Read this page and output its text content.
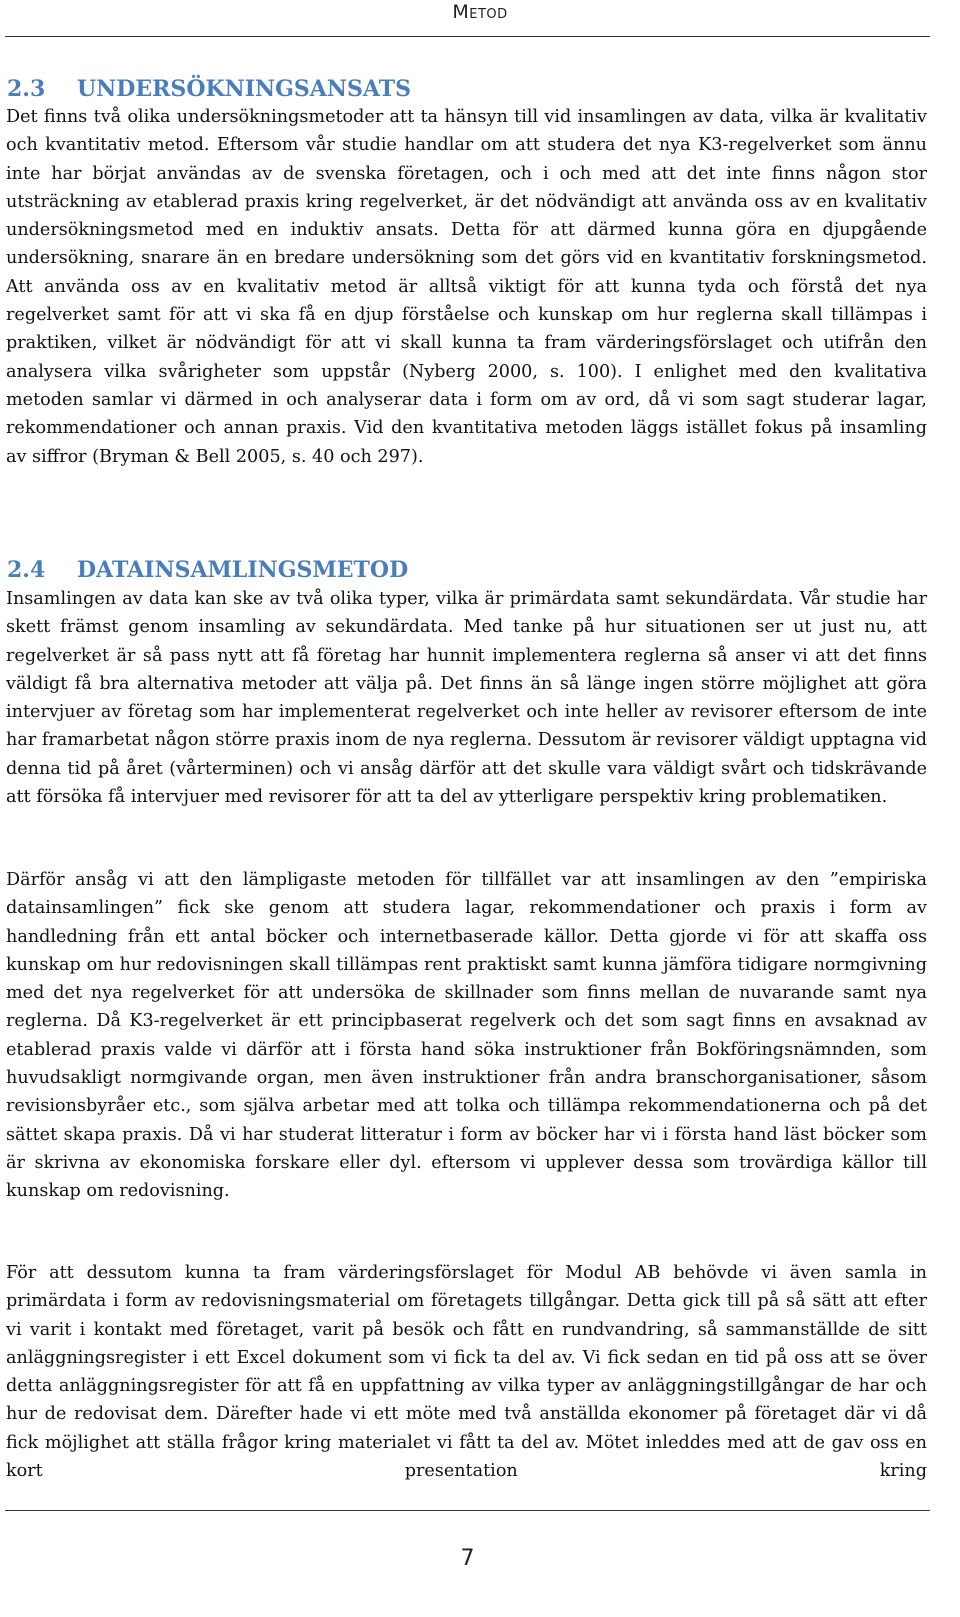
Metod
2.3 UNDERSÖKNINGSANSATS

Det finns två olika undersökningsmetoder att ta hänsyn till vid insamlingen av data, vilka är kvalitativ och kvantitativ metod. Eftersom vår studie handlar om att studera det nya K3-regelverket som ännu inte har börjat användas av de svenska företagen, och i och med att det inte finns någon stor utsträckning av etablerad praxis kring regelverket, är det nödvändigt att använda oss av en kvalitativ undersökningsmetod med en induktiv ansats. Detta för att därmed kunna göra en djupgående undersökning, snarare än en bredare undersökning som det görs vid en kvantitativ forskningsmetod. Att använda oss av en kvalitativ metod är alltså viktigt för att kunna tyda och förstå det nya regelverket samt för att vi ska få en djup förståelse och kunskap om hur reglerna skall tillämpas i praktiken, vilket är nödvändigt för att vi skall kunna ta fram värderingsförslaget och utifrån den analysera vilka svårigheter som uppstår (Nyberg 2000, s. 100). I enlighet med den kvalitativa metoden samlar vi därmed in och analyserar data i form om av ord, då vi som sagt studerar lagar, rekommendationer och annan praxis. Vid den kvantitativa metoden läggs istället fokus på insamling av siffror (Bryman & Bell 2005, s. 40 och 297).

2.4 DATAINSAMLINGSMETOD

Insamlingen av data kan ske av två olika typer, vilka är primärdata samt sekundärdata. Vår studie har skett främst genom insamling av sekundärdata. Med tanke på hur situationen ser ut just nu, att regelverket är så pass nytt att få företag har hunnit implementera reglerna så anser vi att det finns väldigt få bra alternativa metoder att välja på. Det finns än så länge ingen större möjlighet att göra intervjuer av företag som har implementerat regelverket och inte heller av revisorer eftersom de inte har framarbetat någon större praxis inom de nya reglerna. Dessutom är revisorer väldigt upptagna vid denna tid på året (vårterminen) och vi ansåg därför att det skulle vara väldigt svårt och tidskrävande att försöka få intervjuer med revisorer för att ta del av ytterligare perspektiv kring problematiken.

Därför ansåg vi att den lämpligaste metoden för tillfället var att insamlingen av den ”empiriska datainsamlingen” fick ske genom att studera lagar, rekommendationer och praxis i form av handledning från ett antal böcker och internetbaserade källor. Detta gjorde vi för att skaffa oss kunskap om hur redovisningen skall tillämpas rent praktiskt samt kunna jämföra tidigare normgivning med det nya regelverket för att undersöka de skillnader som finns mellan de nuvarande samt nya reglerna. Då K3-regelverket är ett principbaserat regelverk och det som sagt finns en avsaknad av etablerad praxis valde vi därför att i första hand söka instruktioner från Bokföringsnämnden, som huvudsakligt normgivande organ, men även instruktioner från andra branschorganisationer, såsom revisionsbyråer etc., som själva arbetar med att tolka och tillämpa rekommendationerna och på det sättet skapa praxis. Då vi har studerat litteratur i form av böcker har vi i första hand läst böcker som är skrivna av ekonomiska forskare eller dyl. eftersom vi upplever dessa som trovärdiga källor till kunskap om redovisning.

För att dessutom kunna ta fram värderingsförslaget för Modul AB behövde vi även samla in primärdata i form av redovisningsmaterial om företagets tillgångar. Detta gick till på så sätt att efter vi varit i kontakt med företaget, varit på besök och fått en rundvandring, så sammanställde de sitt anläggningsregister i ett Excel dokument som vi fick ta del av. Vi fick sedan en tid på oss att se över detta anläggningsregister för att få en uppfattning av vilka typer av anläggningstillgångar de har och hur de redovisat dem. Därefter hade vi ett möte med två anställda ekonomer på företaget där vi då fick möjlighet att ställa frågor kring materialet vi fått ta del av. Mötet inleddes med att de gav oss en kort presentation kring

7
